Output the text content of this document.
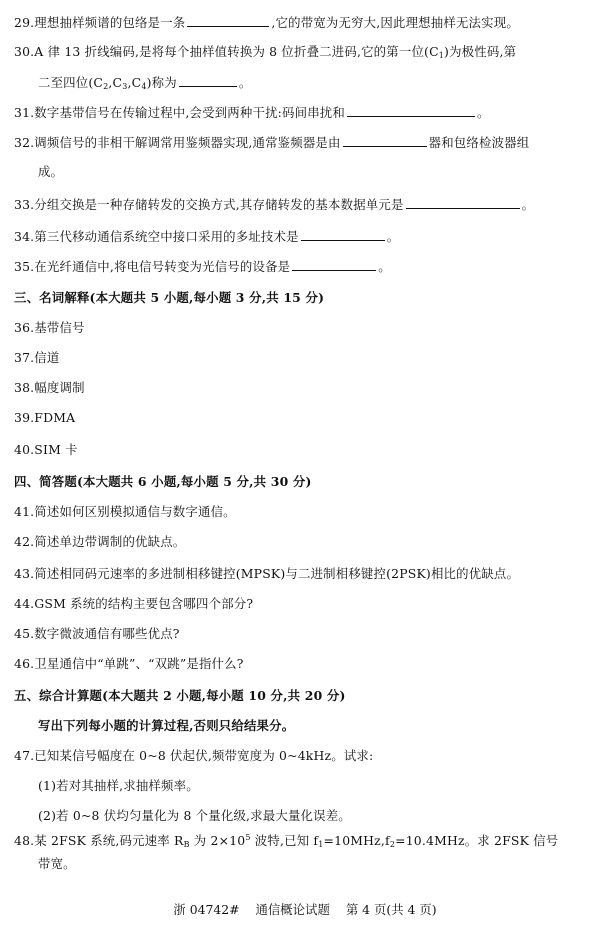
29.理想抽样频谱的包络是一条	,它的带宽为无穷大,因此理想抽样无法实现。
30.A 律 13 折线编码,是将每个抽样值转换为 8 位折叠二进码,它的第一位$(C_1)$为极性码,第
二至四位$(C_2,C_3,C_4)$称为	。
31.数字基带信号在传输过程中,会受到两种干扰:码间串扰和	。
32.调频信号的非相干解调常用鉴频器实现,通常鉴频器是由	器和包络检波器组
成。
33.分组交换是一种存储转发的交换方式,其存储转发的基本数据单元是	。
34.第三代移动通信系统空中接口采用的多址技术是	。
35.在光纤通信中,将电信号转变为光信号的设备是	。
三、名词解释(本大题共 5 小题,每小题 3 分,共 15 分)
36.基带信号
37.信道
38.幅度调制
39.FDMA
40.SIM 卡
四、简答题(本大题共 6 小题,每小题 5 分,共 30 分)
41.简述如何区别模拟通信与数字通信。
42.简述单边带调制的优缺点。
43.简述相同码元速率的多进制相移键控(MPSK)与二进制相移键控(2PSK)相比的优缺点。
44.GSM 系统的结构主要包含哪四个部分?
45.数字微波通信有哪些优点?
46.卫星通信中“单跳”、“双跳”是指什么?
五、综合计算题(本大题共 2 小题,每小题 10 分,共 20 分)
写出下列每小题的计算过程,否则只给结果分。
47.已知某信号幅度在 0~8 伏起伏,频带宽度为 0~4kHz。试求:
(1)若对其抽样,求抽样频率。
(2)若 0~8 伏均匀量化为 8 个量化级,求最大量化误差。
48.某 2FSK 系统,码元速率 $R_B$ 为 $2\times 10^5$ 波特,已知 $f_1=10MHz,f_2=10.4MHz$。求 2FSK 信号
带宽。
浙 04742# 通信概论试题 第 4 页(共 4 页)
